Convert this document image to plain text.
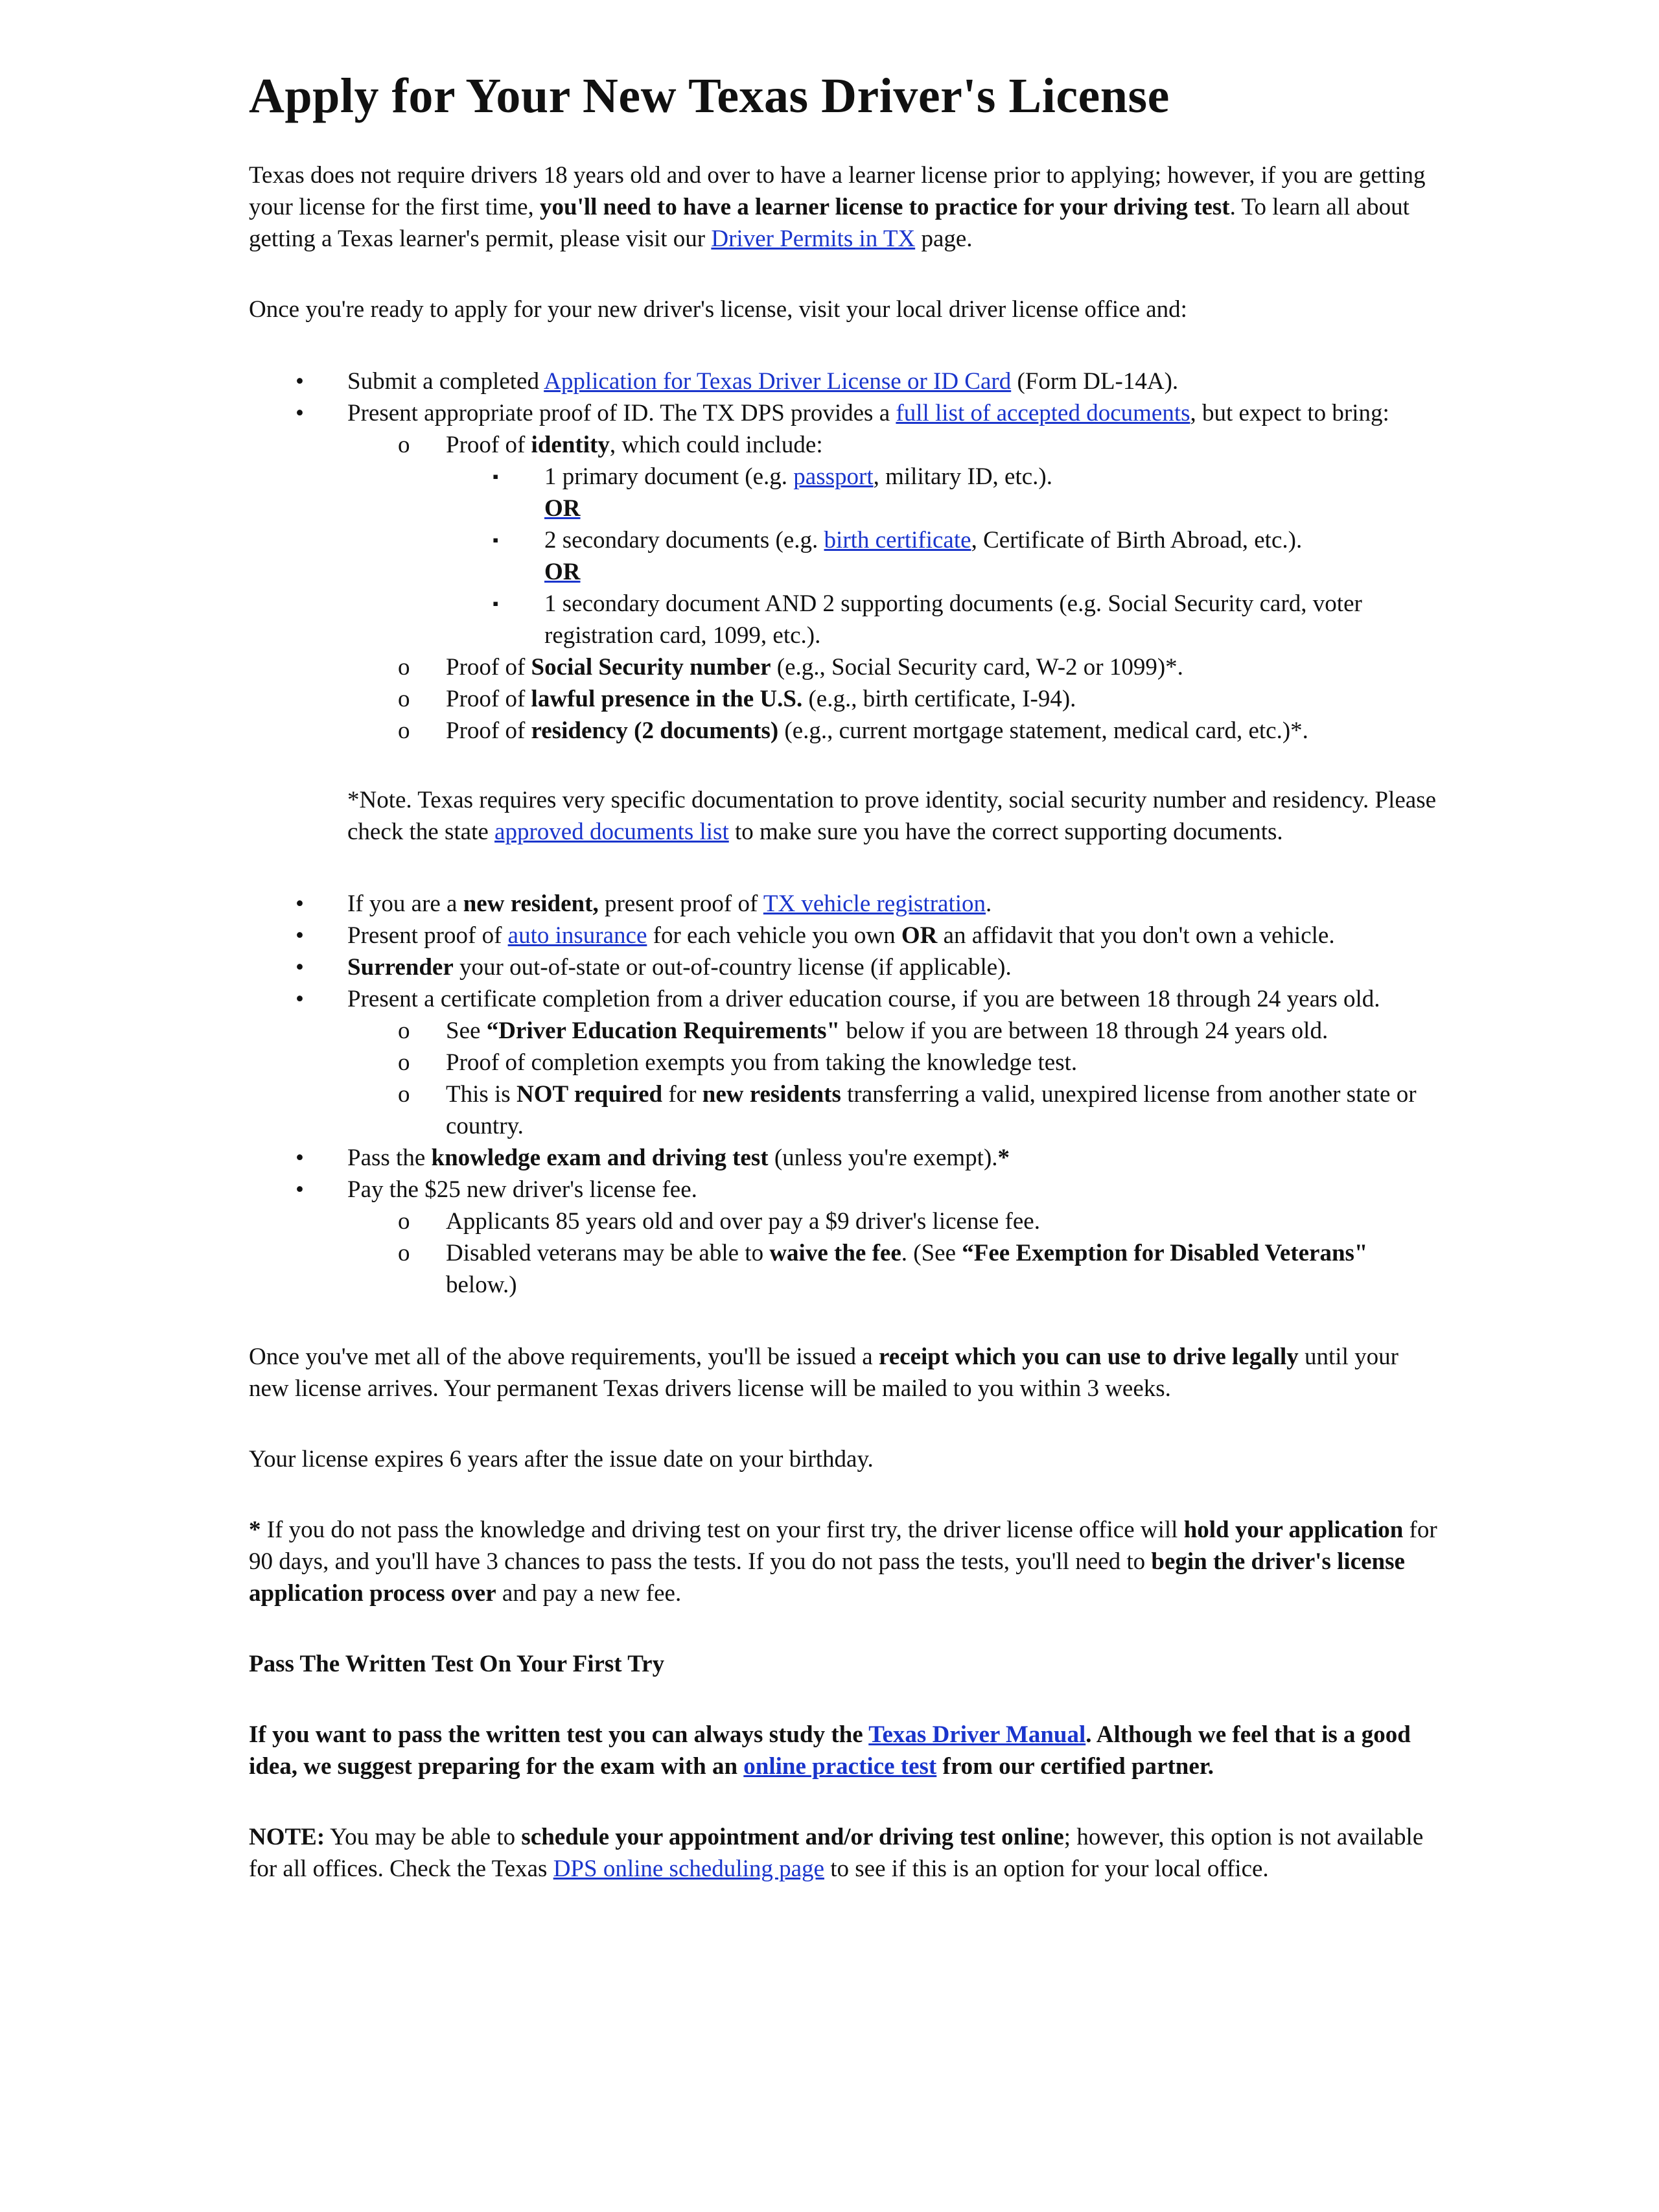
Apply for Your New Texas Driver's License

Texas does not require drivers 18 years old and over to have a learner license prior to applying; however, if you are getting your license for the first time, you'll need to have a learner license to practice for your driving test. To learn all about getting a Texas learner's permit, please visit our Driver Permits in TX page.

Once you're ready to apply for your new driver's license, visit your local driver license office and:

• Submit a completed Application for Texas Driver License or ID Card (Form DL-14A).
• Present appropriate proof of ID. The TX DPS provides a full list of accepted documents, but expect to bring:
o Proof of identity, which could include:
▪ 1 primary document (e.g. passport, military ID, etc.).
OR
▪ 2 secondary documents (e.g. birth certificate, Certificate of Birth Abroad, etc.).
OR
▪ 1 secondary document AND 2 supporting documents (e.g. Social Security card, voter registration card, 1099, etc.).
o Proof of Social Security number (e.g., Social Security card, W-2 or 1099)*.
o Proof of lawful presence in the U.S. (e.g., birth certificate, I-94).
o Proof of residency (2 documents) (e.g., current mortgage statement, medical card, etc.)*.

*Note. Texas requires very specific documentation to prove identity, social security number and residency. Please check the state approved documents list to make sure you have the correct supporting documents.

• If you are a new resident, present proof of TX vehicle registration.
• Present proof of auto insurance for each vehicle you own OR an affidavit that you don't own a vehicle.
• Surrender your out-of-state or out-of-country license (if applicable).
• Present a certificate completion from a driver education course, if you are between 18 through 24 years old.
o See “Driver Education Requirements" below if you are between 18 through 24 years old.
o Proof of completion exempts you from taking the knowledge test.
o This is NOT required for new residents transferring a valid, unexpired license from another state or country.
• Pass the knowledge exam and driving test (unless you're exempt).*
• Pay the $25 new driver's license fee.
o Applicants 85 years old and over pay a $9 driver's license fee.
o Disabled veterans may be able to waive the fee. (See “Fee Exemption for Disabled Veterans" below.)

Once you've met all of the above requirements, you'll be issued a receipt which you can use to drive legally until your new license arrives. Your permanent Texas drivers license will be mailed to you within 3 weeks.

Your license expires 6 years after the issue date on your birthday.

* If you do not pass the knowledge and driving test on your first try, the driver license office will hold your application for 90 days, and you'll have 3 chances to pass the tests. If you do not pass the tests, you'll need to begin the driver's license application process over and pay a new fee.

Pass The Written Test On Your First Try

If you want to pass the written test you can always study the Texas Driver Manual. Although we feel that is a good idea, we suggest preparing for the exam with an online practice test from our certified partner.

NOTE: You may be able to schedule your appointment and/or driving test online; however, this option is not available for all offices. Check the Texas DPS online scheduling page to see if this is an option for your local office.
